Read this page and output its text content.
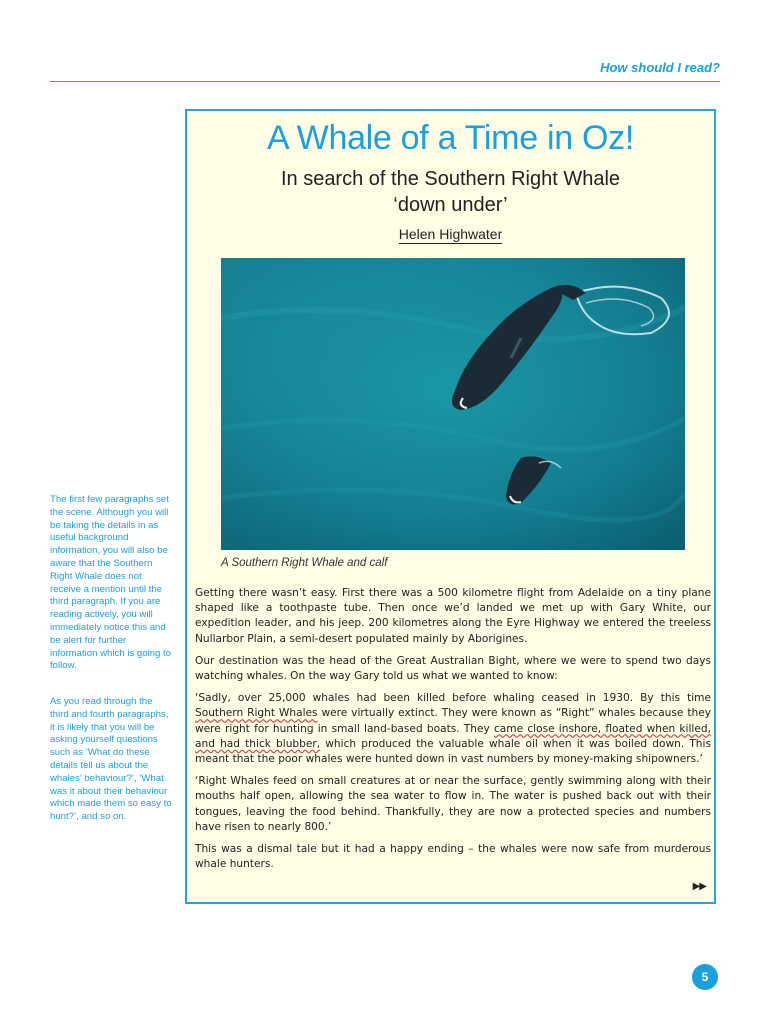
How should I read?
The first few paragraphs set the scene. Although you will be taking the details in as useful background information, you will also be aware that the Southern Right Whale does not receive a mention until the third paragraph. If you are reading actively, you will immediately notice this and be alert for further information which is going to follow.
As you read through the third and fourth paragraphs, it is likely that you will be asking yourself questions such as ‘What do these details tell us about the whales’ behaviour?’, ‘What was it about their behaviour which made them so easy to hunt?’, and so on.
A Whale of a Time in Oz!
In search of the Southern Right Whale
‘down under’
Helen Highwater
A Southern Right Whale and calf

Getting there wasn’t easy. First there was a 500 kilometre flight from Adelaide on a tiny plane shaped like a toothpaste tube. Then once we’d landed we met up with Gary White, our expedition leader, and his jeep. 200 kilometres along the Eyre Highway we entered the treeless Nullarbor Plain, a semi-desert populated mainly by Aborigines.

Our destination was the head of the Great Australian Bight, where we were to spend two days watching whales. On the way Gary told us what we wanted to know:

‘Sadly, over 25,000 whales had been killed before whaling ceased in 1930. By this time Southern Right Whales were virtually extinct. They were known as “Right” whales because they were right for hunting in small land-based boats. They came close inshore, floated when killed, and had thick blubber, which produced the valuable whale oil when it was boiled down. This meant that the poor whales were hunted down in vast numbers by money-making shipowners.’

‘Right Whales feed on small creatures at or near the surface, gently swimming along with their mouths half open, allowing the sea water to flow in. The water is pushed back out with their tongues, leaving the food behind. Thankfully, they are now a protected species and numbers have risen to nearly 800.’

This was a dismal tale but it had a happy ending – the whales were now safe from murderous whale hunters.

▶▶
5
